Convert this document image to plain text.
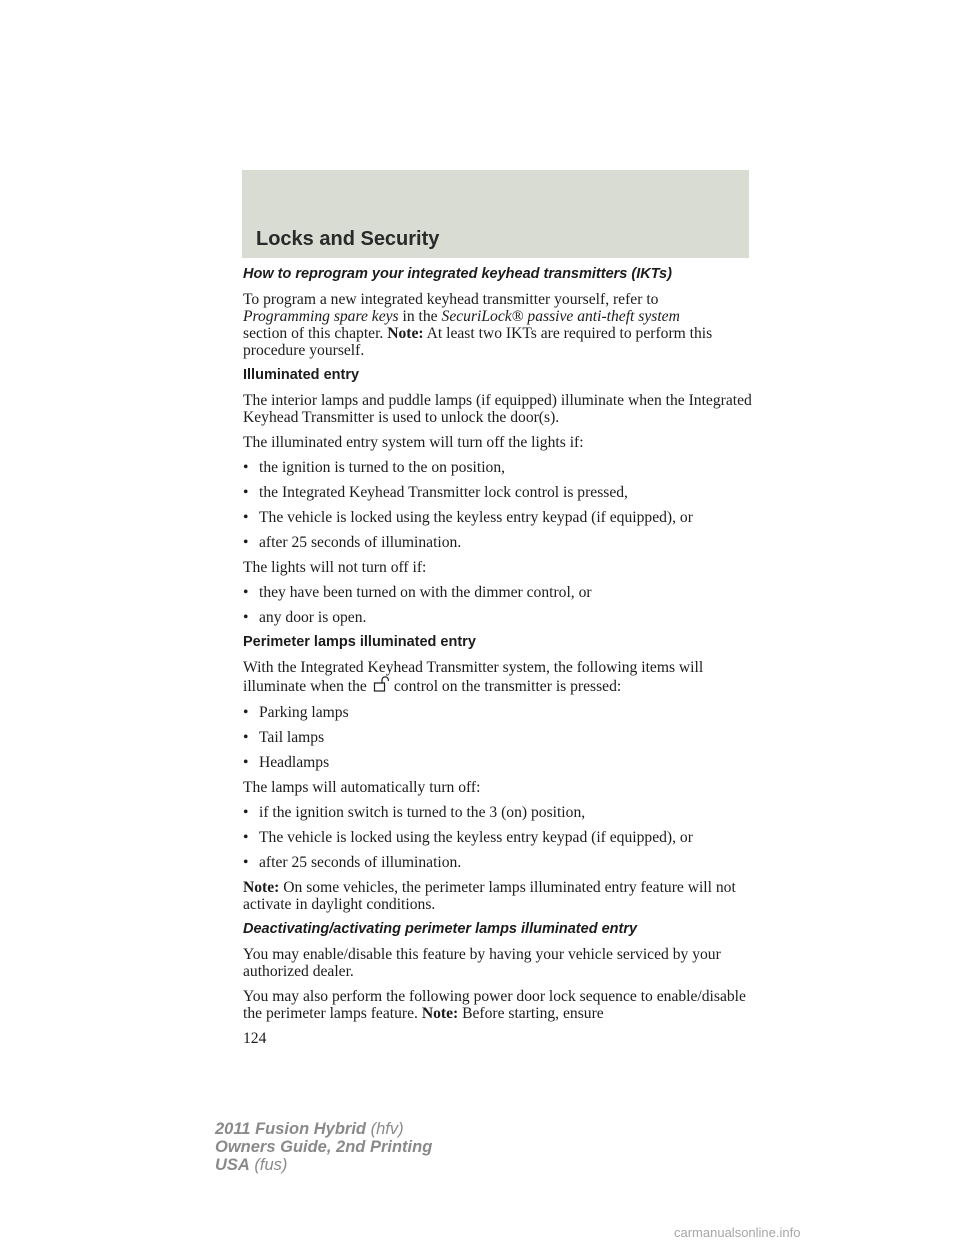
Locks and Security
How to reprogram your integrated keyhead transmitters (IKTs)

To program a new integrated keyhead transmitter yourself, refer to
Programming spare keys in the SecuriLock® passive anti-theft system
section of this chapter. Note: At least two IKTs are required to perform this procedure yourself.

Illuminated entry

The interior lamps and puddle lamps (if equipped) illuminate when the Integrated Keyhead Transmitter is used to unlock the door(s).

The illuminated entry system will turn off the lights if:

• the ignition is turned to the on position,
• the Integrated Keyhead Transmitter lock control is pressed,
• The vehicle is locked using the keyless entry keypad (if equipped), or
• after 25 seconds of illumination.

The lights will not turn off if:

• they have been turned on with the dimmer control, or
• any door is open.
Perimeter lamps illuminated entry

With the Integrated Keyhead Transmitter system, the following items will illuminate when the control on the transmitter is pressed:

• Parking lamps
• Tail lamps
• Headlamps

The lamps will automatically turn off:

• if the ignition switch is turned to the 3 (on) position,
• The vehicle is locked using the keyless entry keypad (if equipped), or
• after 25 seconds of illumination.

Note: On some vehicles, the perimeter lamps illuminated entry feature will not activate in daylight conditions.

Deactivating/activating perimeter lamps illuminated entry

You may enable/disable this feature by having your vehicle serviced by your authorized dealer.

You may also perform the following power door lock sequence to enable/disable the perimeter lamps feature. Note: Before starting, ensure

124
2011 Fusion Hybrid (hfv)
Owners Guide, 2nd Printing
USA (fus)
carmanualsonline.info
